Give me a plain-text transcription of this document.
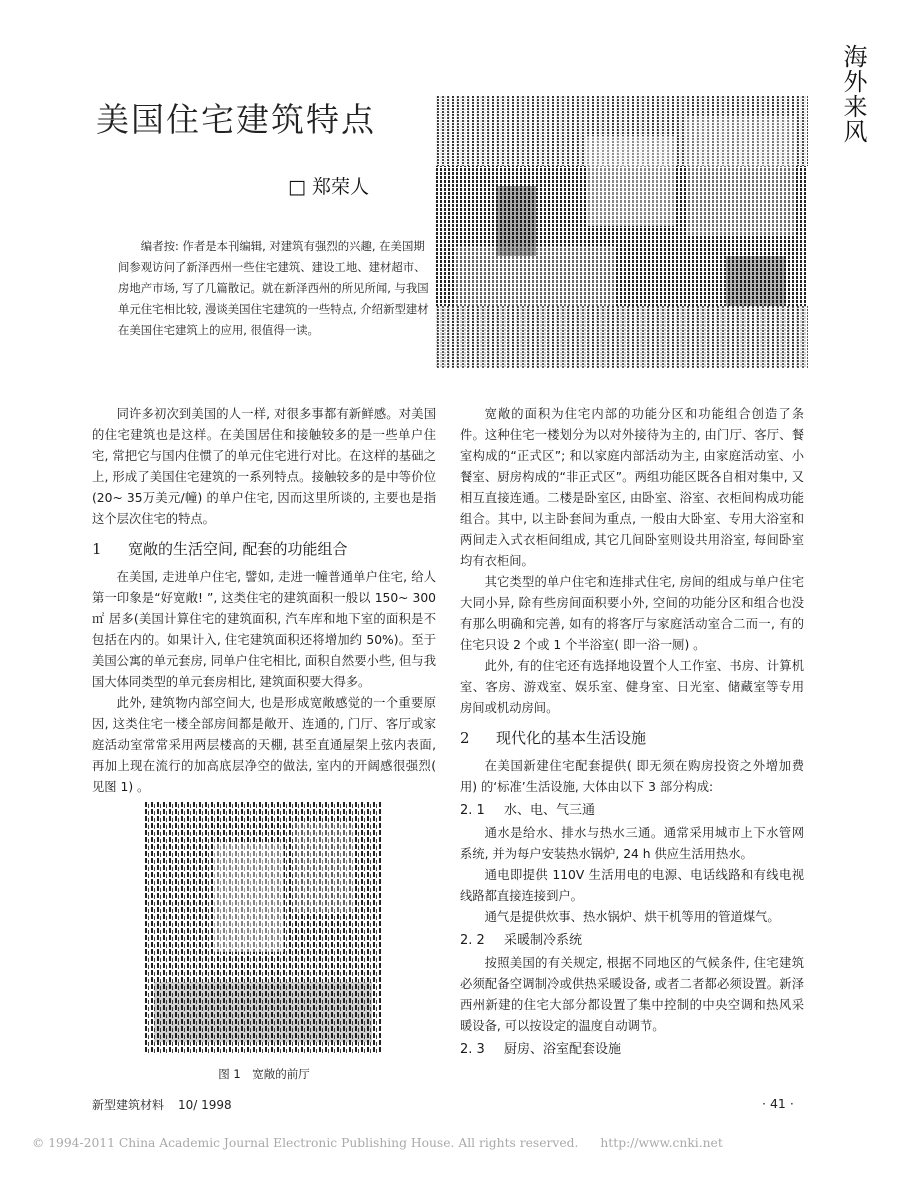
海外来风
美国住宅建筑特点
□ 郑荣人
编者按: 作者是本刊编辑, 对建筑有强烈的兴趣, 在美国期间参观访问了新泽西州一些住宅建筑、建设工地、建材超市、房地产市场, 写了几篇散记。就在新泽西州的所见所闻, 与我国单元住宅相比较, 漫谈美国住宅建筑的一些特点, 介绍新型建材在美国住宅建筑上的应用, 很值得一读。

同许多初次到美国的人一样, 对很多事都有新鲜感。对美国的住宅建筑也是这样。在美国居住和接触较多的是一些单户住宅, 常把它与国内住惯了的单元住宅进行对比。在这样的基础之上, 形成了美国住宅建筑的一系列特点。接触较多的是中等价位(20~ 35万美元/幢) 的单户住宅, 因而这里所谈的, 主要也是指这个层次住宅的特点。

1 宽敞的生活空间, 配套的功能组合

在美国, 走进单户住宅, 譬如, 走进一幢普通单户住宅, 给人第一印象是“好宽敞! ”, 这类住宅的建筑面积一般以 150~ 300 ㎡ 居多(美国计算住宅的建筑面积, 汽车库和地下室的面积是不包括在内的。如果计入, 住宅建筑面积还将增加约 50%)。至于美国公寓的单元套房, 同单户住宅相比, 面积自然要小些, 但与我国大体同类型的单元套房相比, 建筑面积要大得多。

此外, 建筑物内部空间大, 也是形成宽敞感觉的一个重要原因, 这类住宅一楼全部房间都是敞开、连通的, 门厅、客厅或家庭活动室常常采用两层楼高的天棚, 甚至直通屋架上弦内表面, 再加上现在流行的加高底层净空的做法, 室内的开阔感很强烈( 见图 1) 。

图 1　宽敞的前厅

宽敞的面积为住宅内部的功能分区和功能组合创造了条件。这种住宅一楼划分为以对外接待为主的, 由门厅、客厅、餐室构成的“正式区”; 和以家庭内部活动为主, 由家庭活动室、小餐室、厨房构成的“非正式区”。两组功能区既各自相对集中, 又相互直接连通。二楼是卧室区, 由卧室、浴室、衣柜间构成功能组合。其中, 以主卧套间为重点, 一般由大卧室、专用大浴室和两间走入式衣柜间组成, 其它几间卧室则设共用浴室, 每间卧室均有衣柜间。

其它类型的单户住宅和连排式住宅, 房间的组成与单户住宅大同小异, 除有些房间面积要小外, 空间的功能分区和组合也没有那么明确和完善, 如有的将客厅与家庭活动室合二而一, 有的住宅只设 2 个或 1 个半浴室( 即一浴一厕) 。

此外, 有的住宅还有选择地设置个人工作室、书房、计算机室、客房、游戏室、娱乐室、健身室、日光室、储藏室等专用房间或机动房间。

2 现代化的基本生活设施

在美国新建住宅配套提供( 即无须在购房投资之外增加费用) 的‘标准’生活设施, 大体由以下 3 部分构成:

2. 1 水、电、气三通

通水是给水、排水与热水三通。通常采用城市上下水管网系统, 并为每户安装热水锅炉, 24 h 供应生活用热水。

通电即提供 110V 生活用电的电源、电话线路和有线电视线路都直接连接到户。

通气是提供炊事、热水锅炉、烘干机等用的管道煤气。

2. 2 采暖制冷系统

按照美国的有关规定, 根据不同地区的气候条件, 住宅建筑必须配备空调制冷或供热采暖设备, 或者二者都必须设置。新泽西州新建的住宅大部分都设置了集中控制的中央空调和热风采暖设备, 可以按设定的温度自动调节。

2. 3 厨房、浴室配套设施
新型建筑材料 10/ 1998	· 41 ·
© 1994-2011 China Academic Journal Electronic Publishing House. All rights reserved. http://www.cnki.net
